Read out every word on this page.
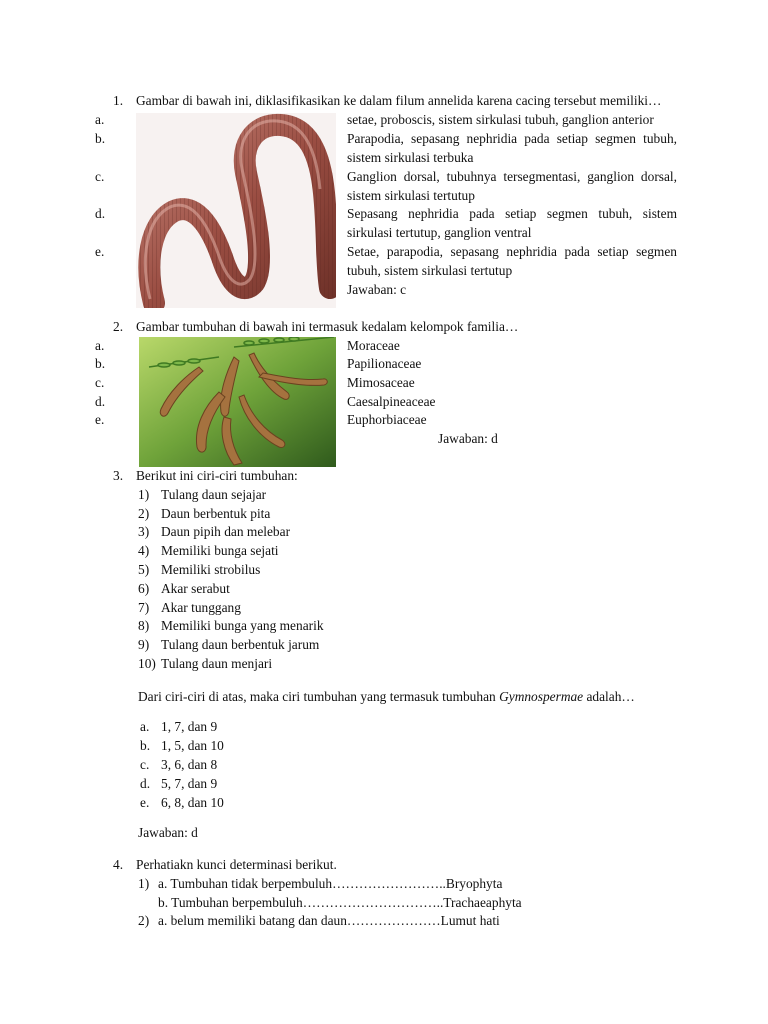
1. Gambar di bawah ini, diklasifikasikan ke dalam filum annelida karena cacing tersebut memiliki…
a.	setae, proboscis, sistem sirkulasi tubuh, ganglion anterior
b.	Parapodia, sepasang nephridia pada setiap segmen tubuh,
sistem sirkulasi terbuka
c.	Ganglion dorsal, tubuhnya tersegmentasi, ganglion dorsal,
sistem sirkulasi tertutup
d.	Sepasang nephridia pada setiap segmen tubuh, sistem
sirkulasi tertutup, ganglion ventral
e.	Setae, parapodia, sepasang nephridia pada setiap segmen
tubuh, sistem sirkulasi tertutup
Jawaban: c
2. Gambar tumbuhan di bawah ini termasuk kedalam kelompok familia…
a.	Moraceae
b.	Papilionaceae
c.	Mimosaceae
d.	Caesalpineaceae
e.	Euphorbiaceae
Jawaban: d
3. Berikut ini ciri-ciri tumbuhan:
1) Tulang daun sejajar
2) Daun berbentuk pita
3) Daun pipih dan melebar
4) Memiliki bunga sejati
5) Memiliki strobilus
6) Akar serabut
7) Akar tunggang
8) Memiliki bunga yang menarik
9) Tulang daun berbentuk jarum
10) Tulang daun menjari
Dari ciri-ciri di atas, maka ciri tumbuhan yang termasuk tumbuhan Gymnospermae adalah…
a. 1, 7, dan 9
b. 1, 5, dan 10
c. 3, 6, dan 8
d. 5, 7, dan 9
e. 6, 8, dan 10
Jawaban: d
4. Perhatiakn kunci determinasi berikut.
1) a. Tumbuhan tidak berpembuluh……………………..Bryophyta
b. Tumbuhan berpembuluh…………………………..Trachaeaphyta
2) a. belum memiliki batang dan daun…………………Lumut hati
